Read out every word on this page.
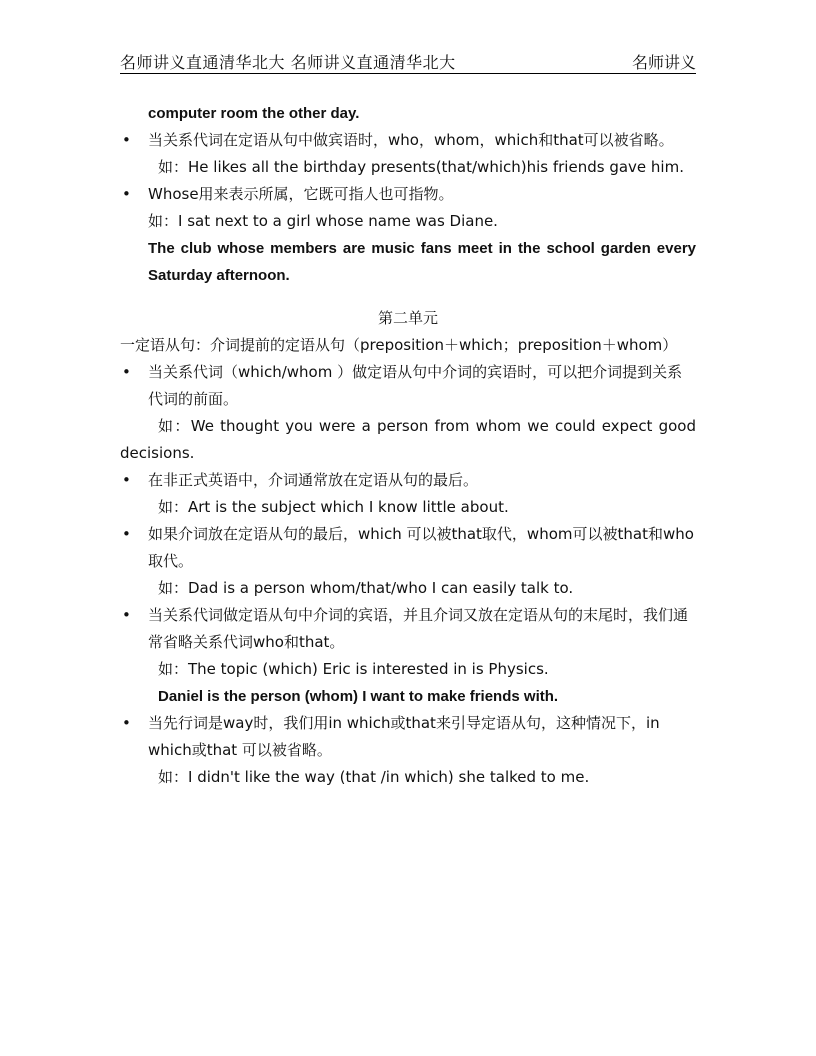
名师讲义直通清华北大 名师讲义直通清华北大	名师讲义

computer room the other day.

• 当关系代词在定语从句中做宾语时，who，whom，which和that可以被省略。

如：He likes all the birthday presents(that/which)his friends gave him.

• Whose用来表示所属，它既可指人也可指物。

如：I sat next to a girl whose name was Diane.

The club whose members are music fans meet in the school garden every Saturday afternoon.

第二单元

一定语从句：介词提前的定语从句（preposition＋which；preposition＋whom）

• 当关系代词（which/whom ）做定语从句中介词的宾语时，可以把介词提到关系代词的前面。

如：We thought you were a person from whom we could expect good decisions.

• 在非正式英语中，介词通常放在定语从句的最后。

如：Art is the subject which I know little about.

• 如果介词放在定语从句的最后，which 可以被that取代，whom可以被that和who取代。

如：Dad is a person whom/that/who I can easily talk to.

• 当关系代词做定语从句中介词的宾语，并且介词又放在定语从句的末尾时，我们通常省略关系代词who和that。

如：The topic (which) Eric is interested in is Physics.

Daniel is the person (whom) I want to make friends with.

• 当先行词是way时，我们用in which或that来引导定语从句，这种情况下，in which或that 可以被省略。

如：I didn't like the way (that /in which) she talked to me.
